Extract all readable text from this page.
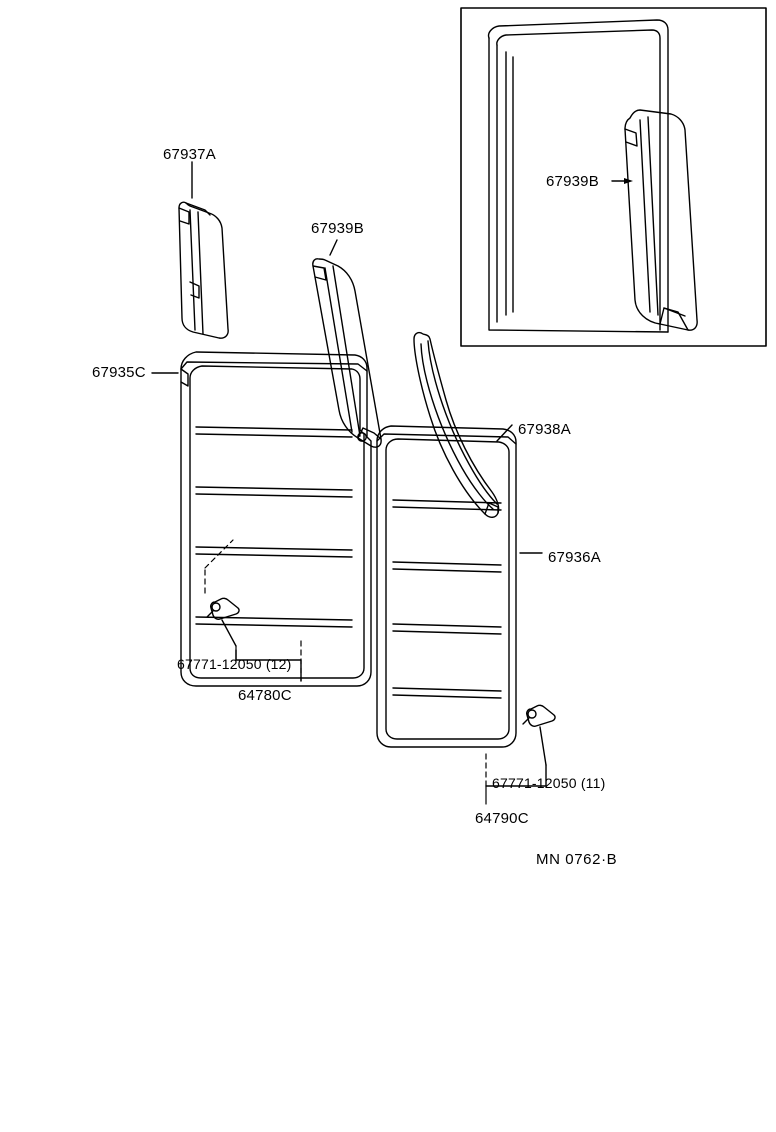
67937A
67939B
67939B
67935C
67938A
67936A
67771-12050 (12)
64780C
67771-12050 (11)
64790C
MN 0762·B
